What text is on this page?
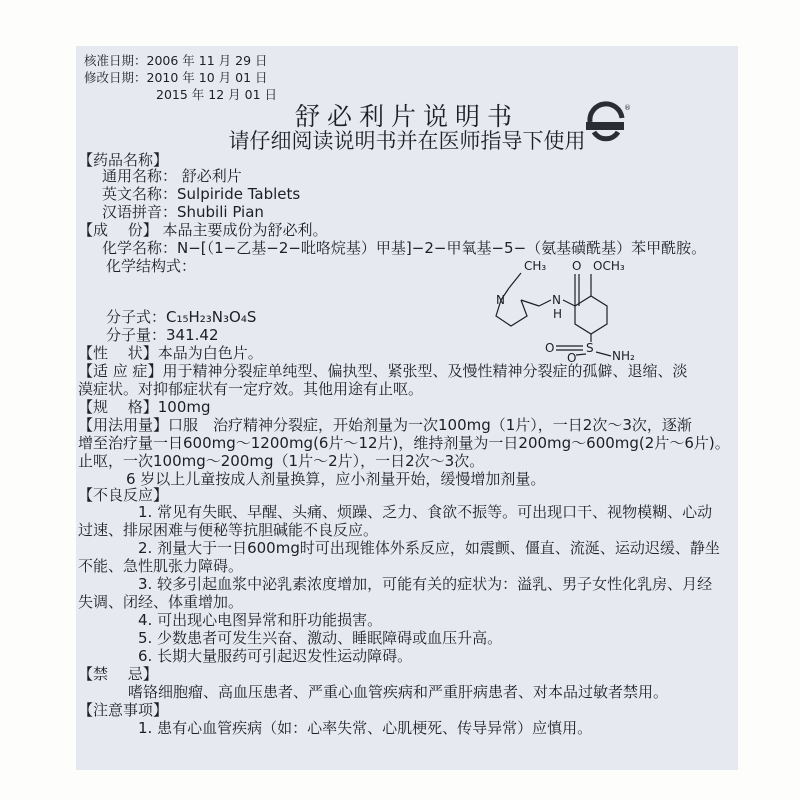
核准日期：2006 年 11 月 29 日
修改日期：2010 年 10 月 01 日
2015 年 12 月 01 日
舒必利片说明书
请仔细阅读说明书并在医师指导下使用
®
【药品名称】
通用名称： 舒必利片
英文名称：Sulpiride Tablets
汉语拼音：Shubili Pian
【成　 份】 本品主要成份为舒必利。
化学名称：N−[（1−乙基−2−吡咯烷基）甲基]−2−甲氧基−5−（氨基磺酰基）苯甲酰胺。
化学结构式：
分子式：C₁₅H₂₃N₃O₄S
分子量：341.42
【性　 状】本品为白色片。
【适 应 症】用于精神分裂症单纯型、偏执型、紧张型、及慢性精神分裂症的孤僻、退缩、淡
漠症状。对抑郁症状有一定疗效。其他用途有止呕。
【规　 格】100mg
【用法用量】口服　治疗精神分裂症，开始剂量为一次100mg（1片），一日2次～3次，逐渐
增至治疗量一日600mg～1200mg(6片～12片)，维持剂量为一日200mg～600mg(2片～6片)。
止呕，一次100mg～200mg（1片～2片），一日2次～3次。
6 岁以上儿童按成人剂量换算，应小剂量开始，缓慢增加剂量。
【不良反应】
1. 常见有失眠、早醒、头痛、烦躁、乏力、食欲不振等。可出现口干、视物模糊、心动
过速、排尿困难与便秘等抗胆碱能不良反应。
2. 剂量大于一日600mg时可出现锥体外系反应，如震颤、僵直、流涎、运动迟缓、静坐
不能、急性肌张力障碍。
3. 较多引起血浆中泌乳素浓度增加，可能有关的症状为：溢乳、男子女性化乳房、月经
失调、闭经、体重增加。
4. 可出现心电图异常和肝功能损害。
5. 少数患者可发生兴奋、激动、睡眠障碍或血压升高。
6. 长期大量服药可引起迟发性运动障碍。
【禁　 忌】
嗜铬细胞瘤、高血压患者、严重心血管疾病和严重肝病患者、对本品过敏者禁用。
【注意事项】
1. 患有心血管疾病（如：心率失常、心肌梗死、传导异常）应慎用。
CH₃ O OCH₃
N	N
H
S
O
O	NH₂
